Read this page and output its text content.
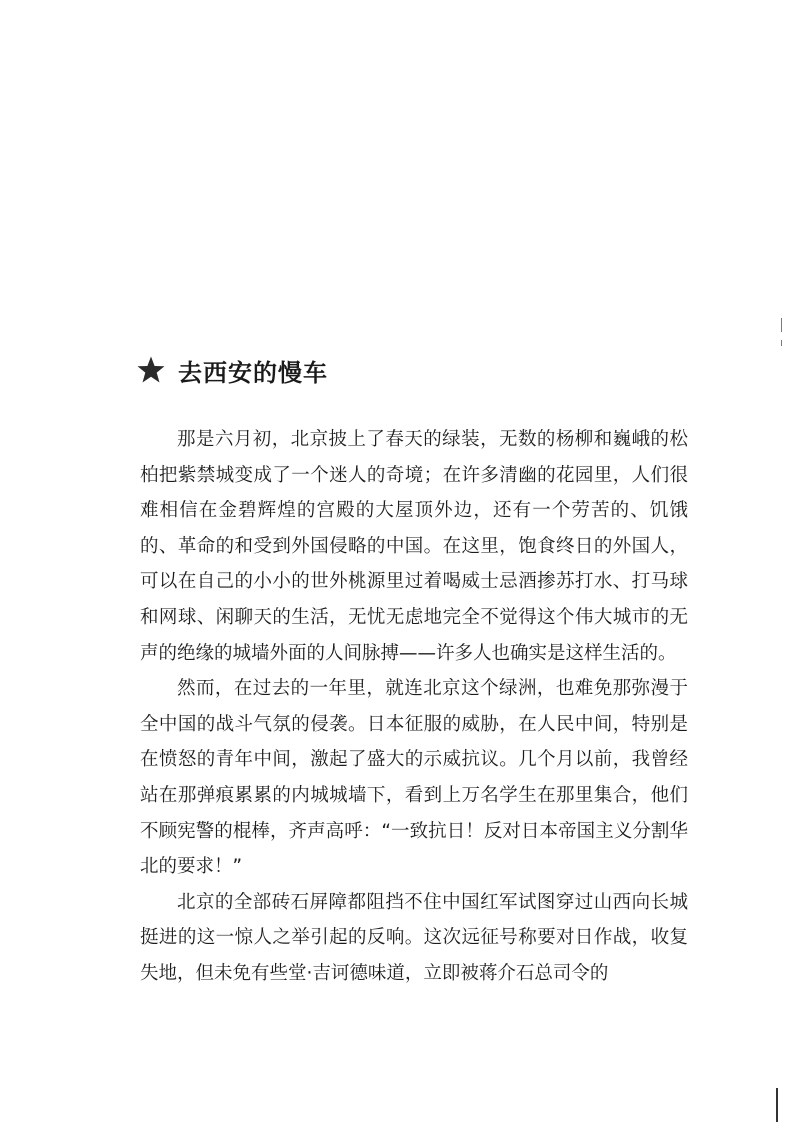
去西安的慢车

那是六月初，北京披上了春天的绿装，无数的杨柳和巍峨的松柏把紫禁城变成了一个迷人的奇境；在许多清幽的花园里，人们很难相信在金碧辉煌的宫殿的大屋顶外边，还有一个劳苦的、饥饿的、革命的和受到外国侵略的中国。在这里，饱食终日的外国人，可以在自己的小小的世外桃源里过着喝威士忌酒掺苏打水、打马球和网球、闲聊天的生活，无忧无虑地完全不觉得这个伟大城市的无声的绝缘的城墙外面的人间脉搏——许多人也确实是这样生活的。

然而，在过去的一年里，就连北京这个绿洲，也难免那弥漫于全中国的战斗气氛的侵袭。日本征服的威胁，在人民中间，特别是在愤怒的青年中间，激起了盛大的示威抗议。几个月以前，我曾经站在那弹痕累累的内城城墙下，看到上万名学生在那里集合，他们不顾宪警的棍棒，齐声高呼：“一致抗日！反对日本帝国主义分割华北的要求！”

北京的全部砖石屏障都阻挡不住中国红军试图穿过山西向长城挺进的这一惊人之举引起的反响。这次远征号称要对日作战，收复失地，但未免有些堂·吉诃德味道，立即被蒋介石总司令的
